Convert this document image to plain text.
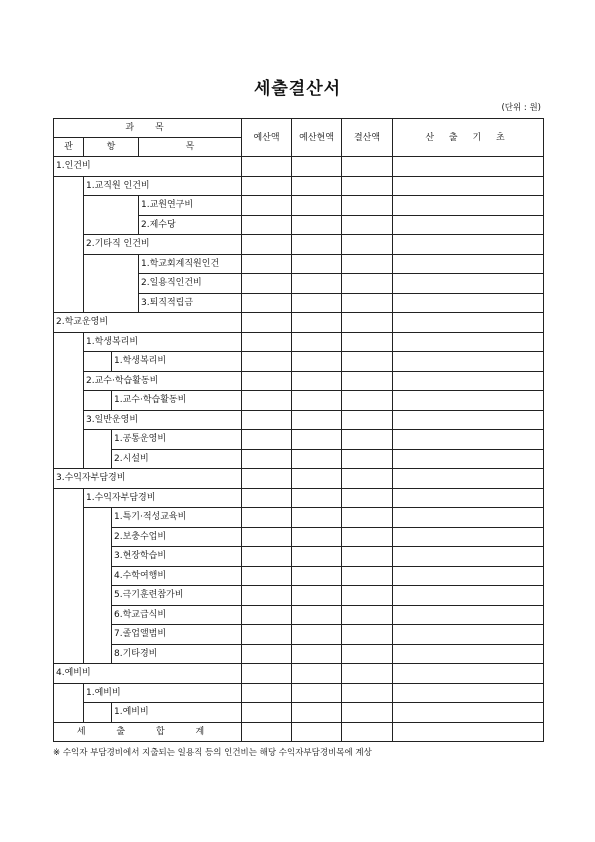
세출결산서
(단위 : 원)
과　목				예산액	예산현액	결산액	산 출 기 초
관	항		목				
1.인건비							
	1.교직원 인건비						
			1.교원연구비				
			2.제수당				
	2.기타직 인건비						
			1.학교회계직원인건				
			2.일용직인건비				
			3.퇴직적립금				
2.학교운영비							
	1.학생복리비						
		1.학생복리비					
	2.교수·학습활동비						
		1.교수·학습활동비					
	3.일반운영비						
		1.공통운영비					
		2.시설비					
3.수익자부담경비							
	1.수익자부담경비						
		1.특기·적성교육비					
		2.보충수업비					
		3.현장학습비					
		4.수학여행비					
		5.극기훈련참가비					
		6.학교급식비					
		7.졸업앨범비					
		8.기타경비					
4.예비비							
	1.예비비						
		1.예비비					
세 출 합 계							
※ 수익자 부담경비에서 지출되는 일용직 등의 인건비는 해당 수익자부담경비목에 계상
